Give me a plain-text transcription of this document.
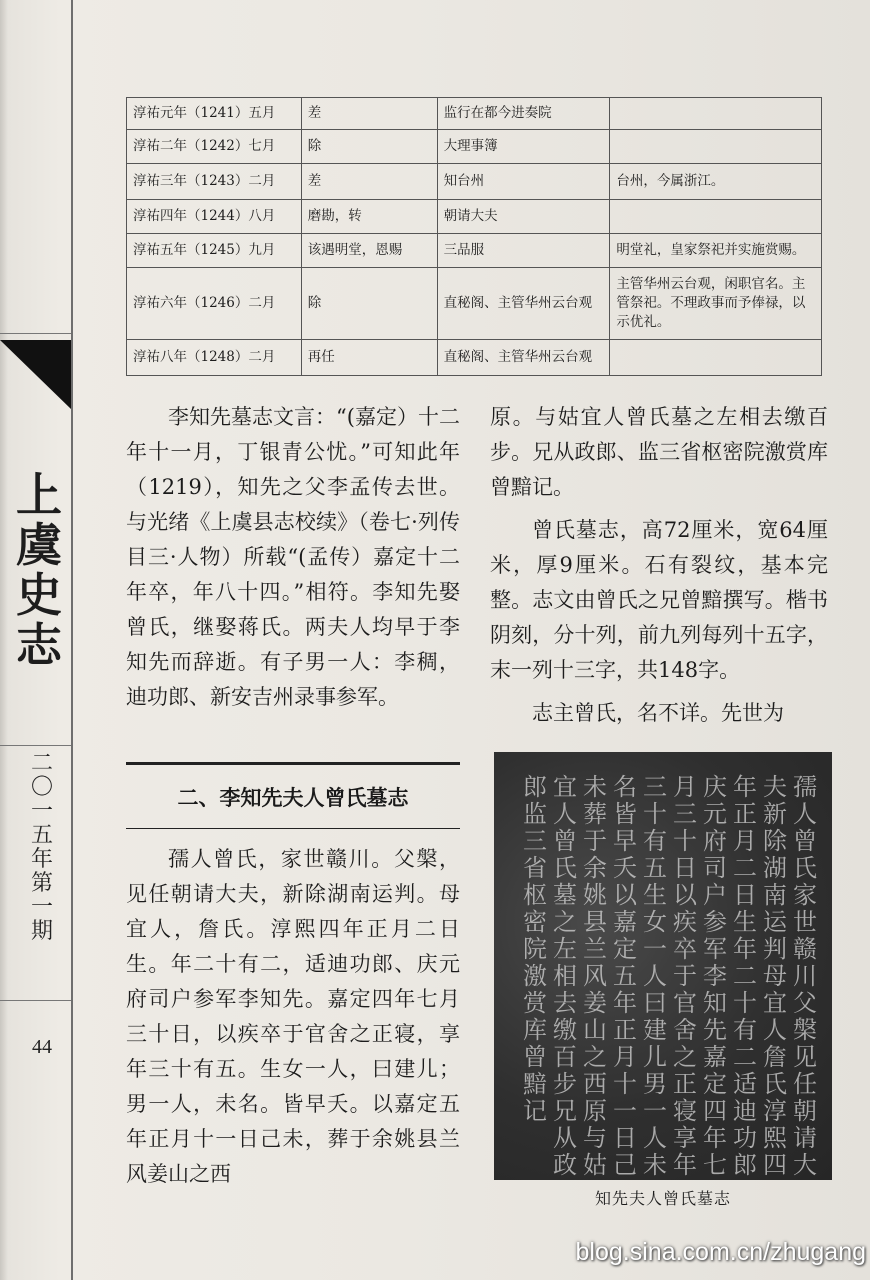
上虞史志
二〇一五年 第一期
44
淳祐元年（1241）五月	差	监行在都今进奏院	
淳祐二年（1242）七月	除	大理事簿	
淳祐三年（1243）二月	差	知台州	台州，今属浙江。
淳祐四年（1244）八月	磨勘，转	朝请大夫	
淳祐五年（1245）九月	该遇明堂，恩赐	三品服	明堂礼，皇家祭祀并实施赏赐。
淳祐六年（1246）二月	除	直秘阁、主管华州云台观	主管华州云台观，闲职官名。主管祭祀。不理政事而予俸禄，以示优礼。
淳祐八年（1248）二月	再任	直秘阁、主管华州云台观	

李知先墓志文言：“(嘉定）十二年十一月，丁银青公忧。”可知此年（1219），知先之父李孟传去世。与光绪《上虞县志校续》（卷七·列传目三·人物）所载“(孟传）嘉定十二年卒，年八十四。”相符。李知先娶曾氏，继娶蒋氏。两夫人均早于李知先而辞逝。有子男一人：李稠，迪功郎、新安吉州录事参军。

二、李知先夫人曾氏墓志

孺人曾氏，家世赣川。父槃，见任朝请大夫，新除湖南运判。母宜人，詹氏。淳熙四年正月二日生。年二十有二，适迪功郎、庆元府司户参军李知先。嘉定四年七月三十日，以疾卒于官舍之正寝，享年三十有五。生女一人，曰建儿；男一人，未名。皆早夭。以嘉定五年正月十一日己未，葬于余姚县兰风姜山之西

原。与姑宜人曾氏墓之左相去缴百步。兄从政郎、监三省枢密院激赏库曾黯记。

曾氏墓志，高72厘米，宽64厘米，厚9厘米。石有裂纹，基本完整。志文由曾氏之兄曾黯撰写。楷书阴刻，分十列，前九列每列十五字，末一列十三字，共148字。

志主曾氏，名不详。先世为

孺人曾氏家世赣川父槃见任朝请大
夫新除湖南运判母宜人詹氏淳熙四
年正月二日生年二十有二适迪功郎
庆元府司户参军李知先嘉定四年七
月三十日以疾卒于官舍之正寝享年
三十有五生女一人曰建儿男一人未
名皆早夭以嘉定五年正月十一日己
未葬于余姚县兰风姜山之西原与姑
宜人曾氏墓之左相去缴百步兄从政
郎监三省枢密院激赏库曾黯记
知先夫人曾氏墓志
blog.sina.com.cn/zhugang
